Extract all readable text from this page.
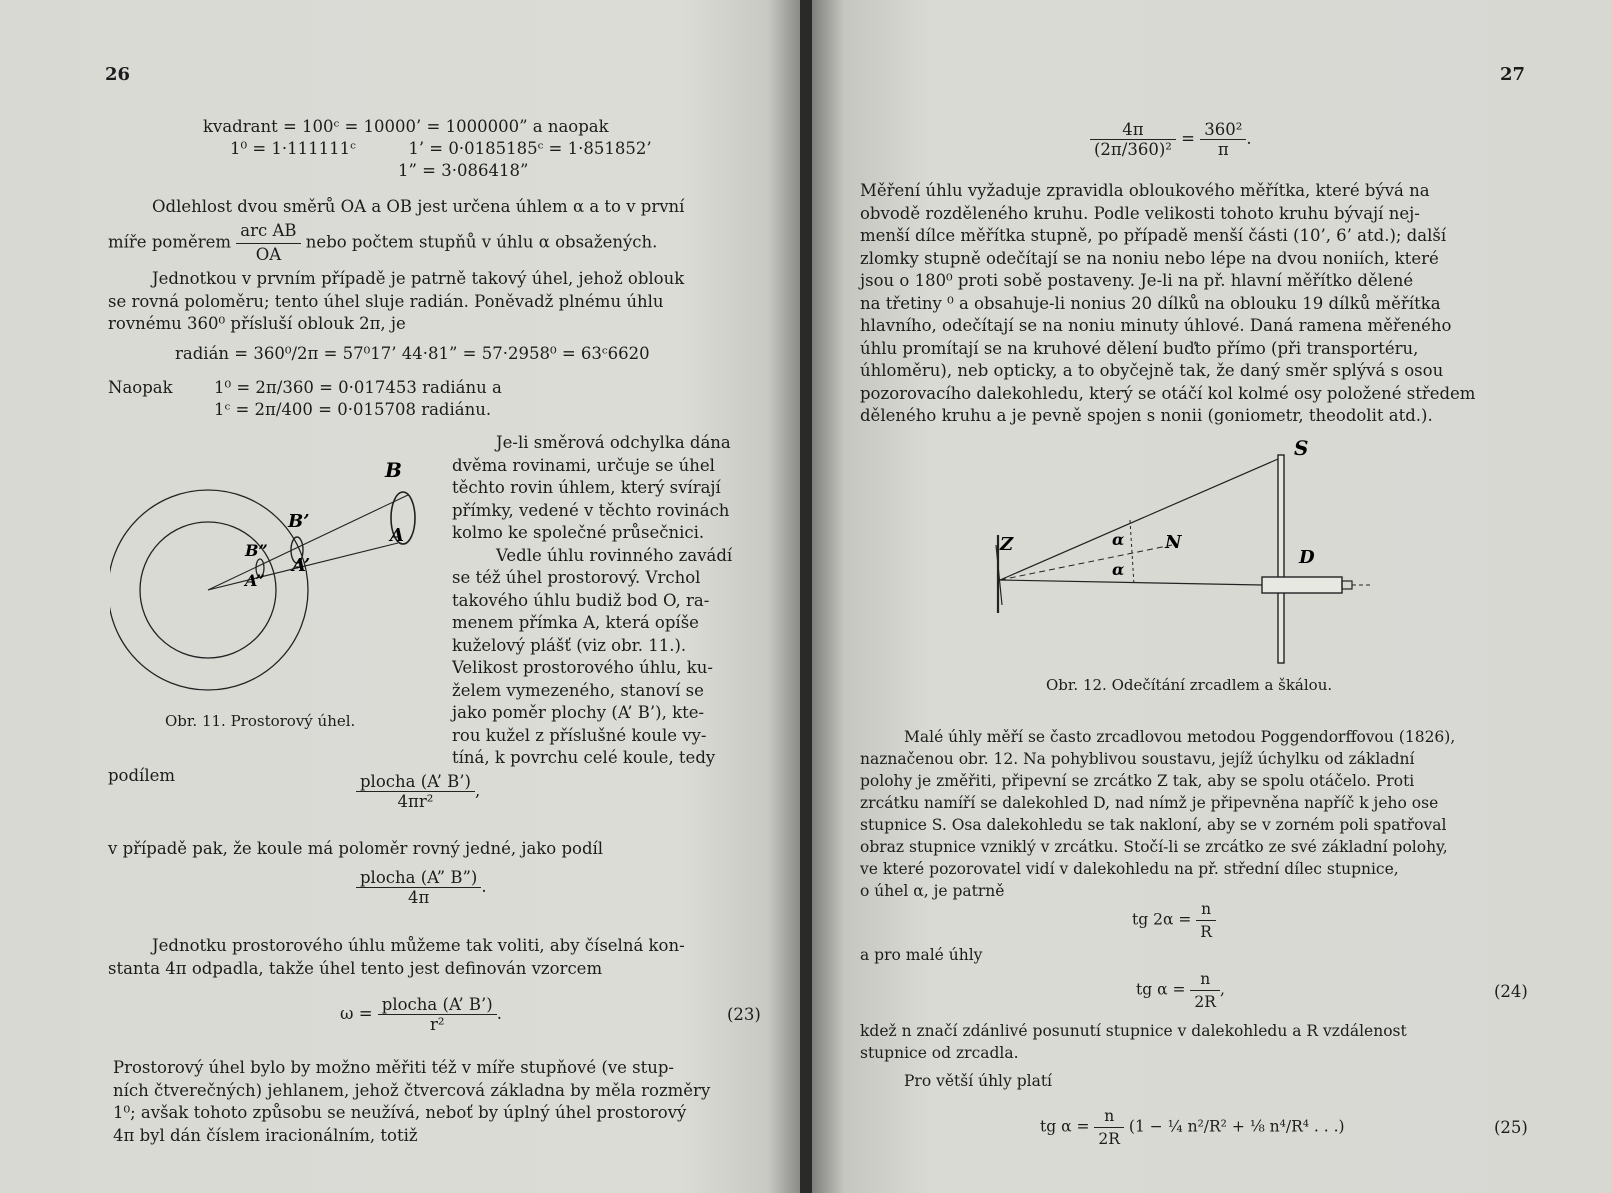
26
kvadrant = 100ᶜ = 10000’ = 1000000” a naopak
1⁰ = 1·111111ᶜ          1’ = 0·0185185ᶜ = 1·851852’
1” = 3·086418”
Odlehlost dvou směrů OA a OB jest určena úhlem α a to v první
míře poměrem $\frac{\text{arc AB}}{OA}$ nebo počtem stupňů v úhlu α obsažených.
Jednotkou v prvním případě je patrně takový úhel, jehož oblouk
se rovná poloměru; tento úhel sluje radián. Poněvadž plnému úhlu
rovnému 360⁰ přísluší oblouk 2π, je
radián = 360⁰/2π = 57⁰17’ 44·81” = 57·2958⁰ = 63ᶜ6620
Naopak	1⁰ = 2π/360 = 0·017453 radiánu a
1ᶜ = 2π/400 = 0·015708 radiánu.
Je-li směrová odchylka dána
dvěma rovinami, určuje se úhel
těchto rovin úhlem, který svírají
přímky, vedené v těchto rovinách
kolmo ke společné průsečnici.
Vedle úhlu rovinného zavádí
se též úhel prostorový. Vrchol
takového úhlu budiž bod O, ra-
menem přímka A, která opíše
kuželový plášť (viz obr. 11.).
Velikost prostorového úhlu, ku-
želem vymezeného, stanoví se
jako poměr plochy (A’ B’), kte-
rou kužel z příslušné koule vy-
tíná, k povrchu celé koule, tedy
B
B’
B”
A
A’
A”
Obr. 11. Prostorový úhel.
podílem	$\frac{\text{plocha (A’ B’)}}{\text{4πr²}}$ ,
v případě pak, že koule má poloměr rovný jedné, jako podíl
$\frac{\text{plocha (A” B”)}}{4\pi}$ .
Jednotku prostorového úhlu můžeme tak voliti, aby číselná kon-
stanta 4π odpadla, takže úhel tento jest definován vzorcem
$\omega = \frac{\text{plocha (A’ B’)}}{\text{r²}}$ .	(23)
Prostorový úhel bylo by možno měřiti též v míře stupňové (ve stup-
ních čtverečných) jehlanem, jehož čtvercová základna by měla rozměry
1⁰; avšak tohoto způsobu se neužívá, neboť by úplný úhel prostorový
4π byl dán číslem iracionálním, totiž
27
$\frac{4\pi}{\text{(2π/360)²}} = \frac{\text{360²}}{\pi}$ .
Měření úhlu vyžaduje zpravidla obloukového měřítka, které bývá na
obvodě rozděleného kruhu. Podle velikosti tohoto kruhu bývají nej-
menší dílce měřítka stupně, po případě menší části (10’, 6’ atd.); další
zlomky stupně odečítají se na noniu nebo lépe na dvou noniích, které
jsou o 180⁰ proti sobě postaveny. Je-li na př. hlavní měřítko dělené
na třetiny ⁰ a obsahuje-li nonius 20 dílků na oblouku 19 dílků měřítka
hlavního, odečítají se na noniu minuty úhlové. Daná ramena měřeného
úhlu promítají se na kruhové dělení buďto přímo (při transportéru,
úhloměru), neb opticky, a to obyčejně tak, že daný směr splývá s osou
pozorovacího dalekohledu, který se otáčí kol kolmé osy položené středem
děleného kruhu a je pevně spojen s nonii (goniometr, theodolit atd.).
S
Z	N
D
α
α
Obr. 12. Odečítání zrcadlem a škálou.
Malé úhly měří se často zrcadlovou metodou Poggendorffovou (1826),
naznačenou obr. 12. Na pohyblivou soustavu, jejíž úchylku od základní
polohy je změřiti, připevní se zrcátko Z tak, aby se spolu otáčelo. Proti
zrcátku namíří se dalekohled D, nad nímž je připevněna napříč k jeho ose
stupnice S. Osa dalekohledu se tak nakloní, aby se v zorném poli spatřoval
obraz stupnice vzniklý v zrcátku. Stočí-li se zrcátko ze své základní polohy,
ve které pozorovatel vidí v dalekohledu na př. střední dílec stupnice,
o úhel α, je patrně
tg $2\alpha = \frac{n}{R}$
a pro malé úhly
tg $\alpha = \frac{n}{2R}$ ,	(24)
kdež n značí zdánlivé posunutí stupnice v dalekohledu a R vzdálenost
stupnice od zrcadla.
Pro větší úhly platí
tg $\alpha = \frac{n}{2R} (1$ − ¼ n²/R² + ⅛ n⁴/R⁴ . . .)	(25)
